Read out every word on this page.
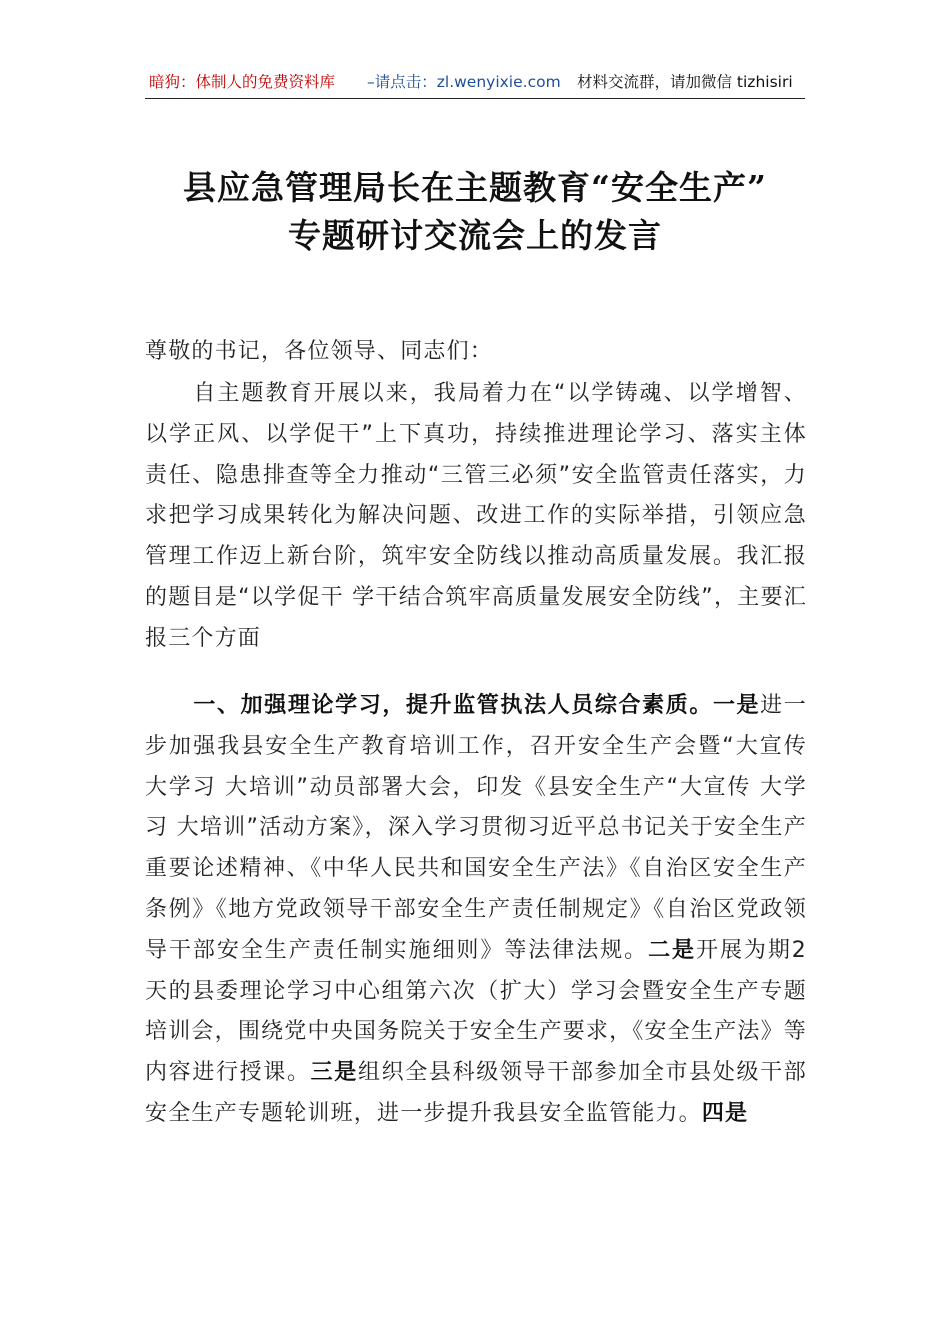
暗狗：体制人的免费资料库 –请点击：zl.wenyixie.com 材料交流群，请加微信 tizhisiri
县应急管理局长在主题教育“安全生产”
专题研讨交流会上的发言
尊敬的书记，各位领导、同志们：
自主题教育开展以来，我局着力在“以学铸魂、以学增智、以学正风、以学促干”上下真功，持续推进理论学习、落实主体责任、隐患排查等全力推动“三管三必须”安全监管责任落实，力求把学习成果转化为解决问题、改进工作的实际举措，引领应急管理工作迈上新台阶，筑牢安全防线以推动高质量发展。我汇报的题目是“以学促干 学干结合筑牢高质量发展安全防线”，主要汇报三个方面
一、加强理论学习，提升监管执法人员综合素质。一是进一步加强我县安全生产教育培训工作，召开安全生产会暨“大宣传 大学习 大培训”动员部署大会，印发《县安全生产“大宣传 大学习 大培训”活动方案》，深入学习贯彻习近平总书记关于安全生产重要论述精神、《中华人民共和国安全生产法》《自治区安全生产条例》《地方党政领导干部安全生产责任制规定》《自治区党政领导干部安全生产责任制实施细则》等法律法规。二是开展为期2天的县委理论学习中心组第六次（扩大）学习会暨安全生产专题培训会，围绕党中央国务院关于安全生产要求，《安全生产法》等内容进行授课。三是组织全县科级领导干部参加全市县处级干部安全生产专题轮训班，进一步提升我县安全监管能力。四是
